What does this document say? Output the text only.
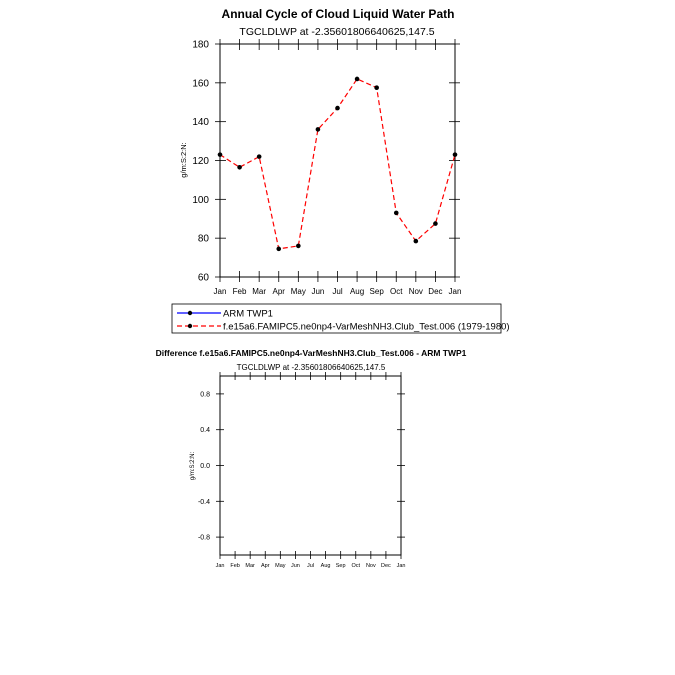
Annual Cycle of Cloud Liquid Water Path
TGCLDLWP at -2.35601806640625,147.5
g/m:S:2:N:
60
80
100
120
140
160
180
Jan Feb Mar Apr May Jun Jul Aug Sep Oct Nov Dec Jan
ARM TWP1
f.e15a6.FAMIPC5.ne0np4-VarMeshNH3.Club_Test.006 (1979-1980)
Difference f.e15a6.FAMIPC5.ne0np4-VarMeshNH3.Club_Test.006 - ARM TWP1
TGCLDLWP at -2.35601806640625,147.5
g/m:S:2:N:
-0.8
-0.4
0.0
0.4
0.8
Jan Feb Mar Apr May Jun Jul Aug Sep Oct Nov Dec Jan
